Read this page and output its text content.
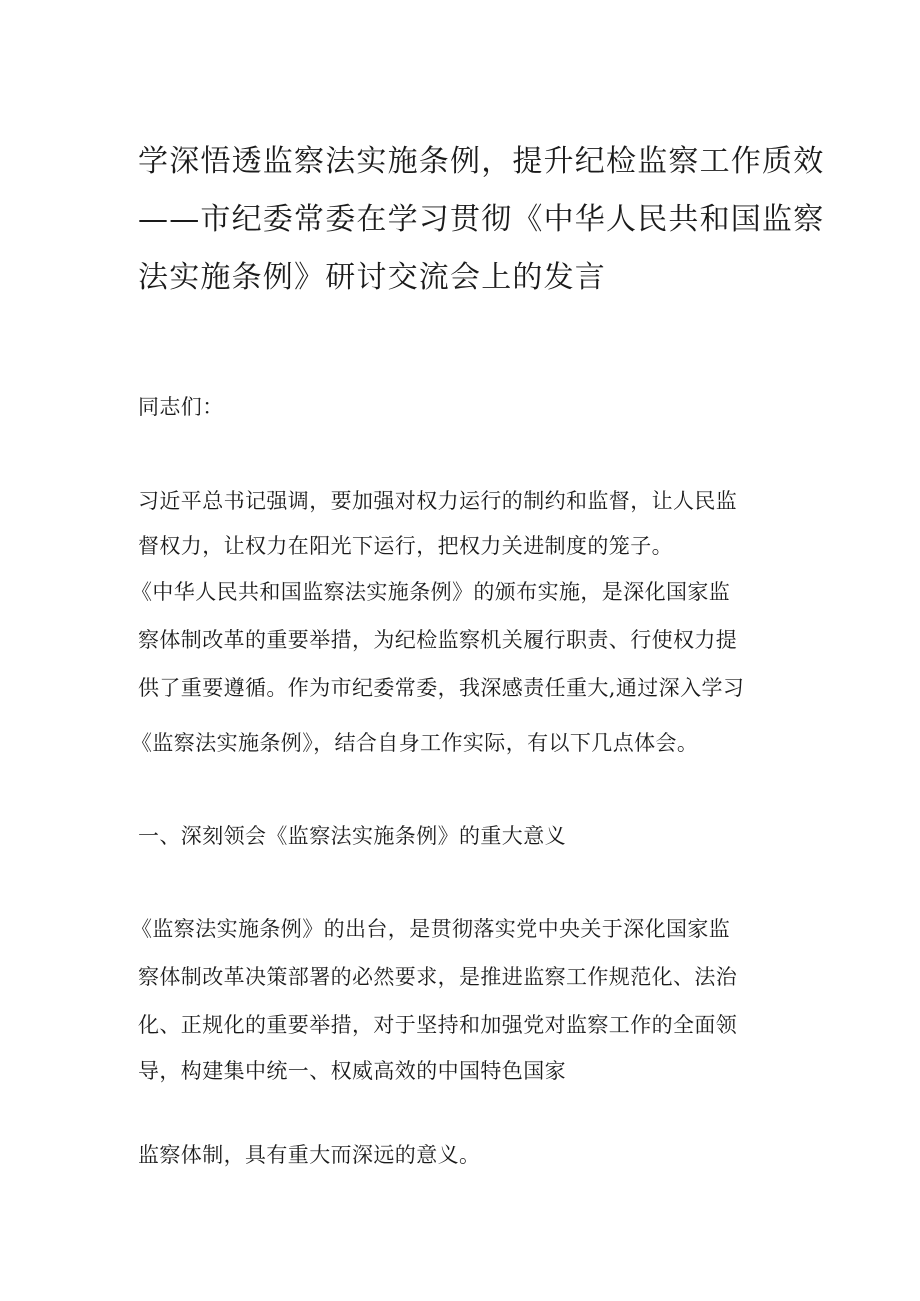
学深悟透监察法实施条例，提升纪检监察工作质效
——市纪委常委在学习贯彻《中华人民共和国监察
法实施条例》研讨交流会上的发言
同志们：
习近平总书记强调，要加强对权力运行的制约和监督，让人民监
督权力，让权力在阳光下运行，把权力关进制度的笼子。
《中华人民共和国监察法实施条例》的颁布实施，是深化国家监
察体制改革的重要举措，为纪检监察机关履行职责、行使权力提
供了重要遵循。作为市纪委常委，我深感责任重大,通过深入学习
《监察法实施条例》，结合自身工作实际，有以下几点体会。
一、深刻领会《监察法实施条例》的重大意义
《监察法实施条例》的出台，是贯彻落实党中央关于深化国家监
察体制改革决策部署的必然要求，是推进监察工作规范化、法治
化、正规化的重要举措，对于坚持和加强党对监察工作的全面领
导，构建集中统一、权威高效的中国特色国家
监察体制，具有重大而深远的意义。
